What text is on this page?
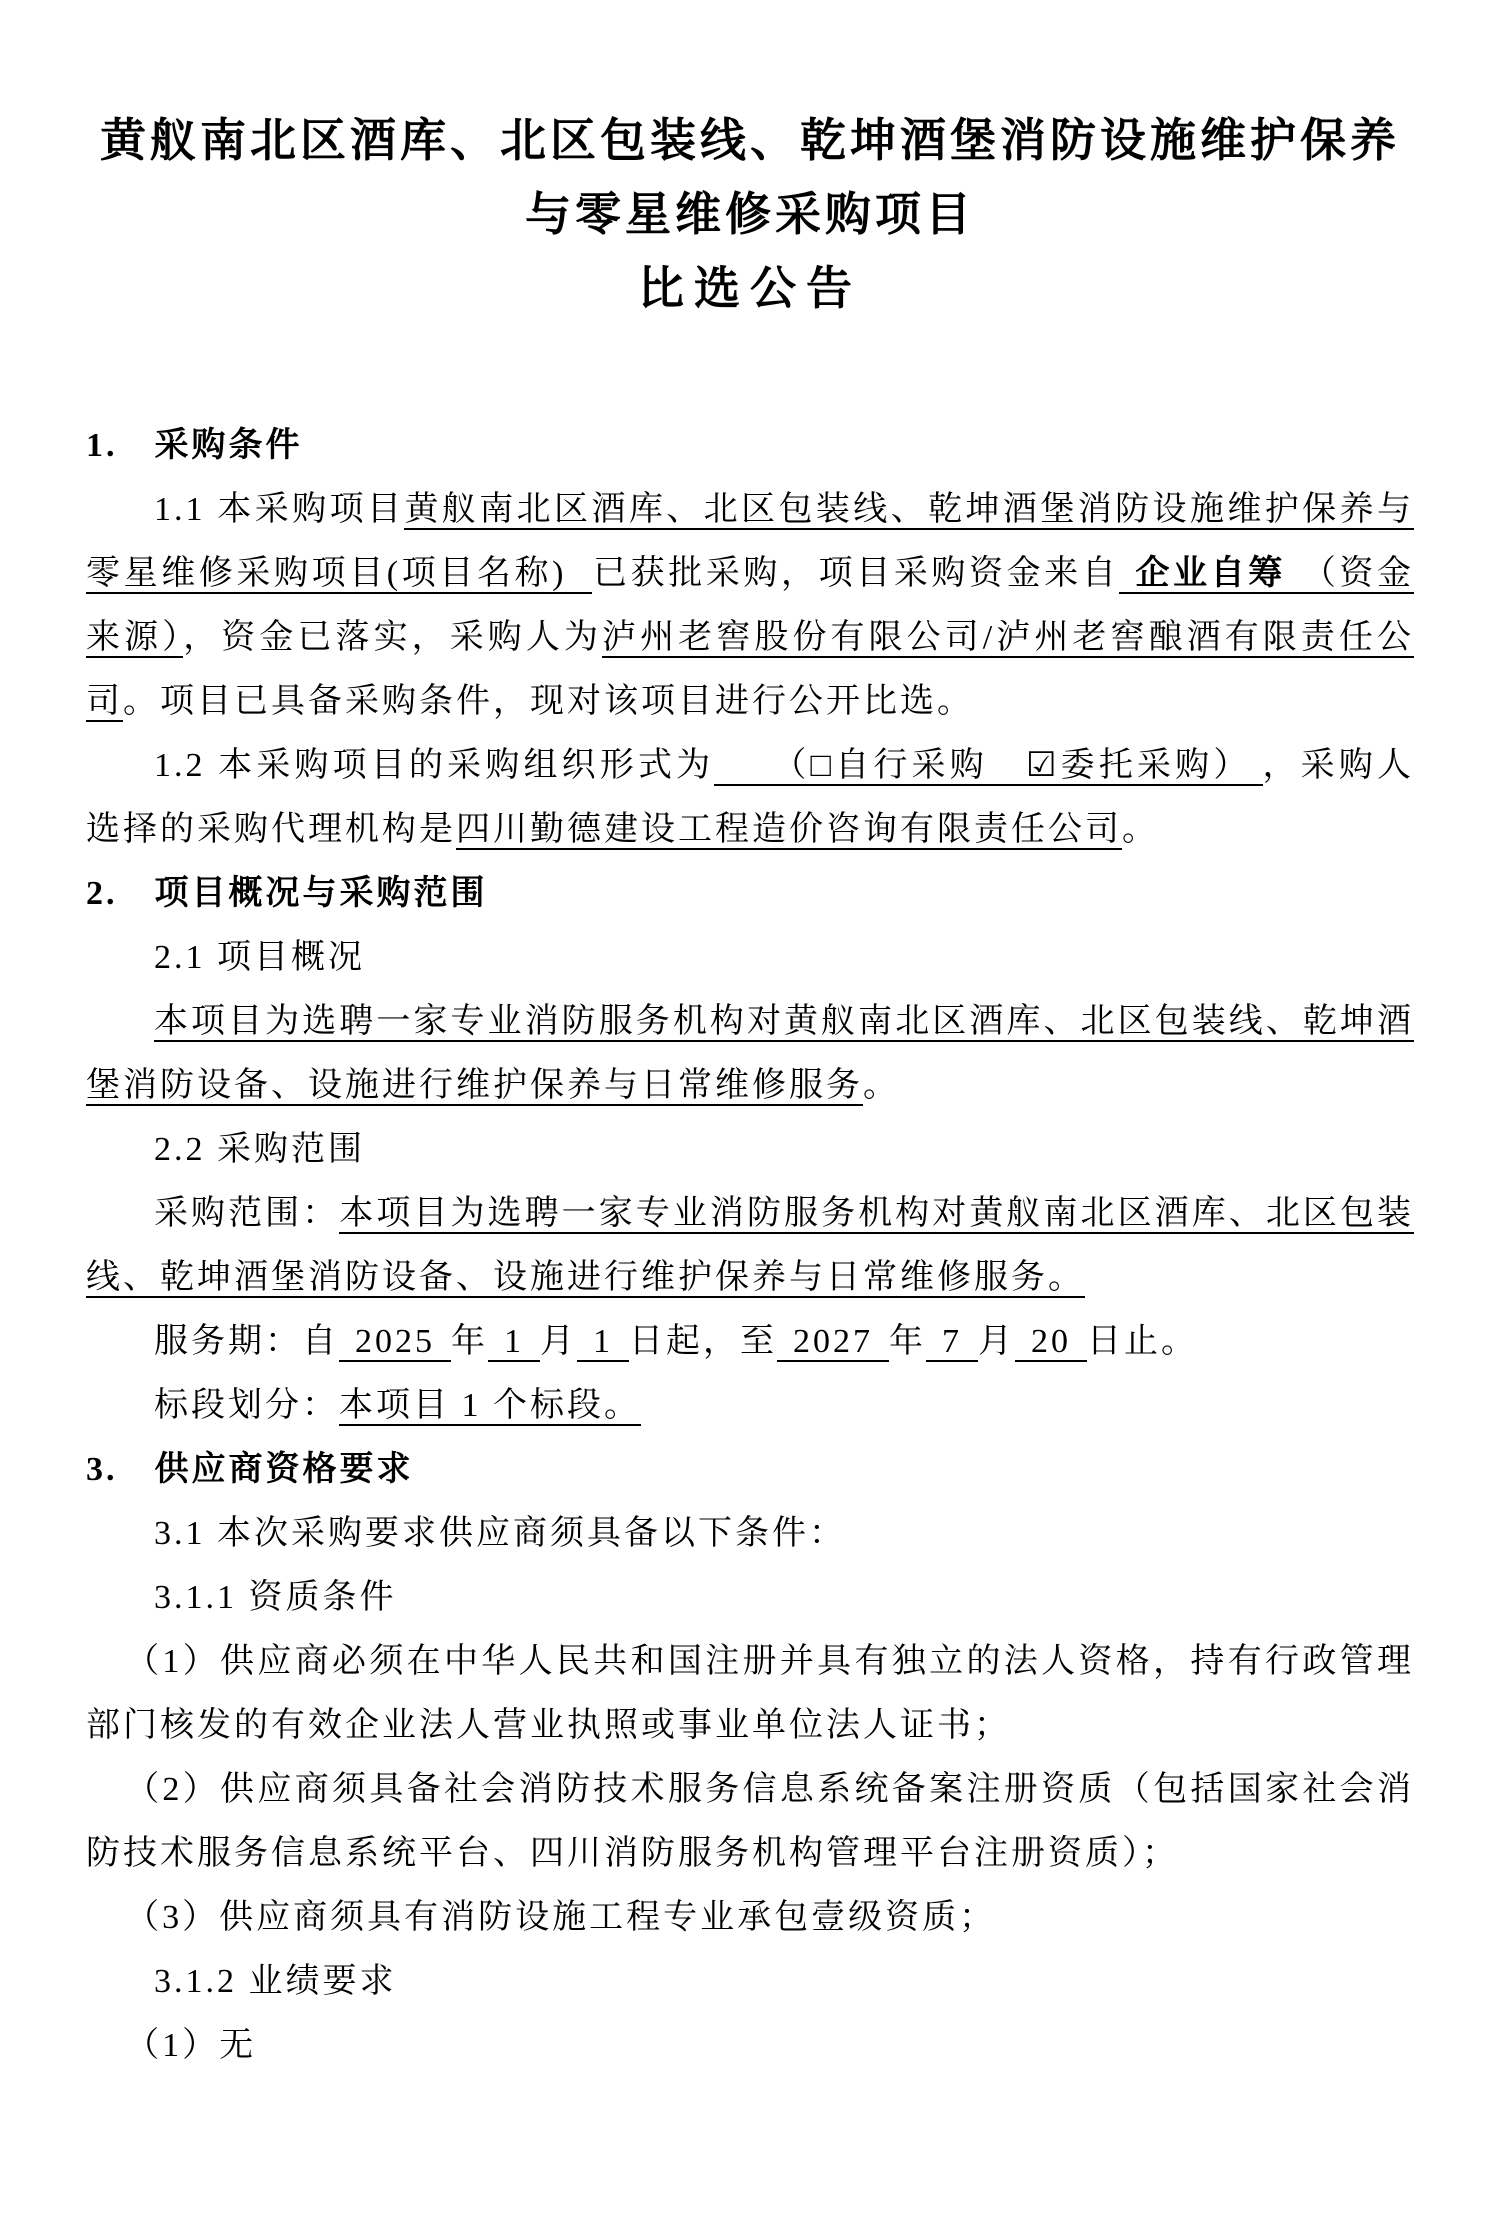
黄舣南北区酒库、北区包装线、乾坤酒堡消防设施维护保养
与零星维修采购项目
比选公告

1.　采购条件

1.1 本采购项目黄舣南北区酒库、北区包装线、乾坤酒堡消防设施维护保养与零星维修采购项目(项目名称) 已获批采购，项目采购资金来自 企业自筹 （资金来源），资金已落实，采购人为泸州老窖股份有限公司/泸州老窖酿酒有限责任公司。项目已具备采购条件，现对该项目进行公开比选。

1.2 本采购项目的采购组织形式为 （□自行采购　☑委托采购） ，采购人选择的采购代理机构是四川勤德建设工程造价咨询有限责任公司。

2.　项目概况与采购范围

2.1 项目概况

本项目为选聘一家专业消防服务机构对黄舣南北区酒库、北区包装线、乾坤酒堡消防设备、设施进行维护保养与日常维修服务。

2.2 采购范围

采购范围：本项目为选聘一家专业消防服务机构对黄舣南北区酒库、北区包装线、乾坤酒堡消防设备、设施进行维护保养与日常维修服务。

服务期：自 2025 年 1 月 1 日起，至 2027 年 7 月 20 日止。

标段划分：本项目 1 个标段。

3.　供应商资格要求

3.1 本次采购要求供应商须具备以下条件：

3.1.1 资质条件

（1）供应商必须在中华人民共和国注册并具有独立的法人资格，持有行政管理部门核发的有效企业法人营业执照或事业单位法人证书；

（2）供应商须具备社会消防技术服务信息系统备案注册资质（包括国家社会消防技术服务信息系统平台、四川消防服务机构管理平台注册资质）；

（3）供应商须具有消防设施工程专业承包壹级资质；

3.1.2 业绩要求

（1）无
